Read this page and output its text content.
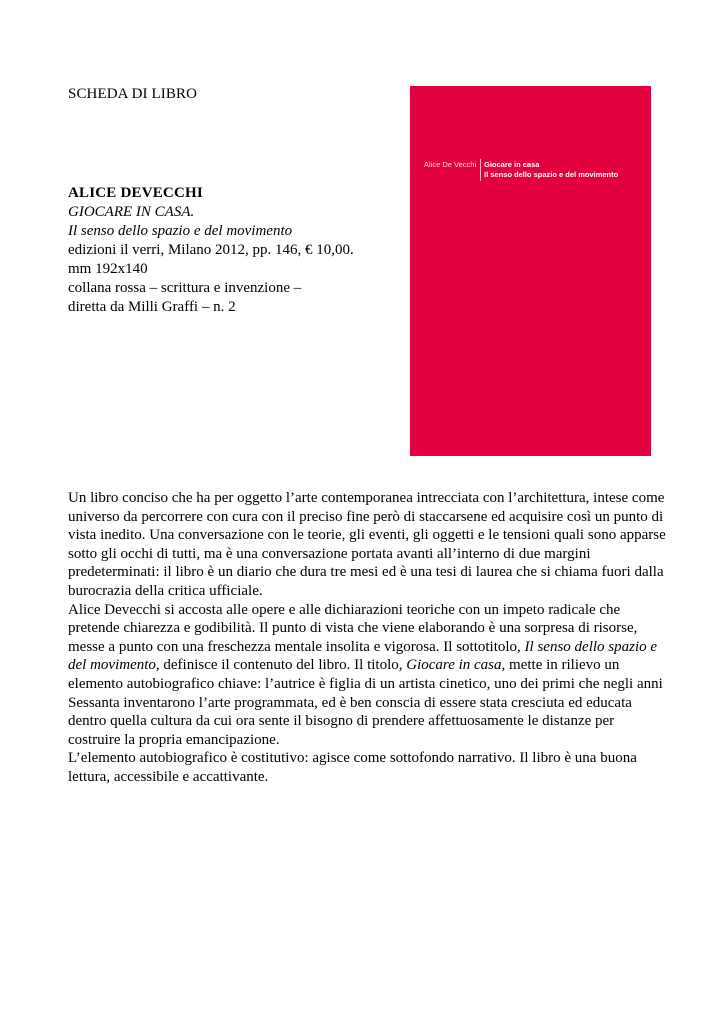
SCHEDA DI LIBRO
ALICE DEVECCHI
GIOCARE IN CASA.
Il senso dello spazio e del movimento
edizioni il verri, Milano 2012, pp. 146, € 10,00.
mm 192x140
collana rossa – scrittura e invenzione –
diretta da Milli Graffi – n. 2
Alice De Vecchi Giocare in casa
Il senso dello spazio e del movimento
Un libro conciso che ha per oggetto l’arte contemporanea intrecciata con l’architettura, intese come
universo da percorrere con cura con il preciso fine però di staccarsene ed acquisire così un punto di
vista inedito. Una conversazione con le teorie, gli eventi, gli oggetti e le tensioni quali sono apparse
sotto gli occhi di tutti, ma è una conversazione portata avanti all’interno di due margini
predeterminati: il libro è un diario che dura tre mesi ed è una tesi di laurea che si chiama fuori dalla
burocrazia della critica ufficiale.
Alice Devecchi si accosta alle opere e alle dichiarazioni teoriche con un impeto radicale che
pretende chiarezza e godibilità. Il punto di vista che viene elaborando è una sorpresa di risorse,
messe a punto con una freschezza mentale insolita e vigorosa. Il sottotitolo, Il senso dello spazio e
del movimento, definisce il contenuto del libro. Il titolo, Giocare in casa, mette in rilievo un
elemento autobiografico chiave: l’autrice è figlia di un artista cinetico, uno dei primi che negli anni
Sessanta inventarono l’arte programmata, ed è ben conscia di essere stata cresciuta ed educata
dentro quella cultura da cui ora sente il bisogno di prendere affettuosamente le distanze per
costruire la propria emancipazione.
L’elemento autobiografico è costitutivo: agisce come sottofondo narrativo. Il libro è una buona
lettura, accessibile e accattivante.
